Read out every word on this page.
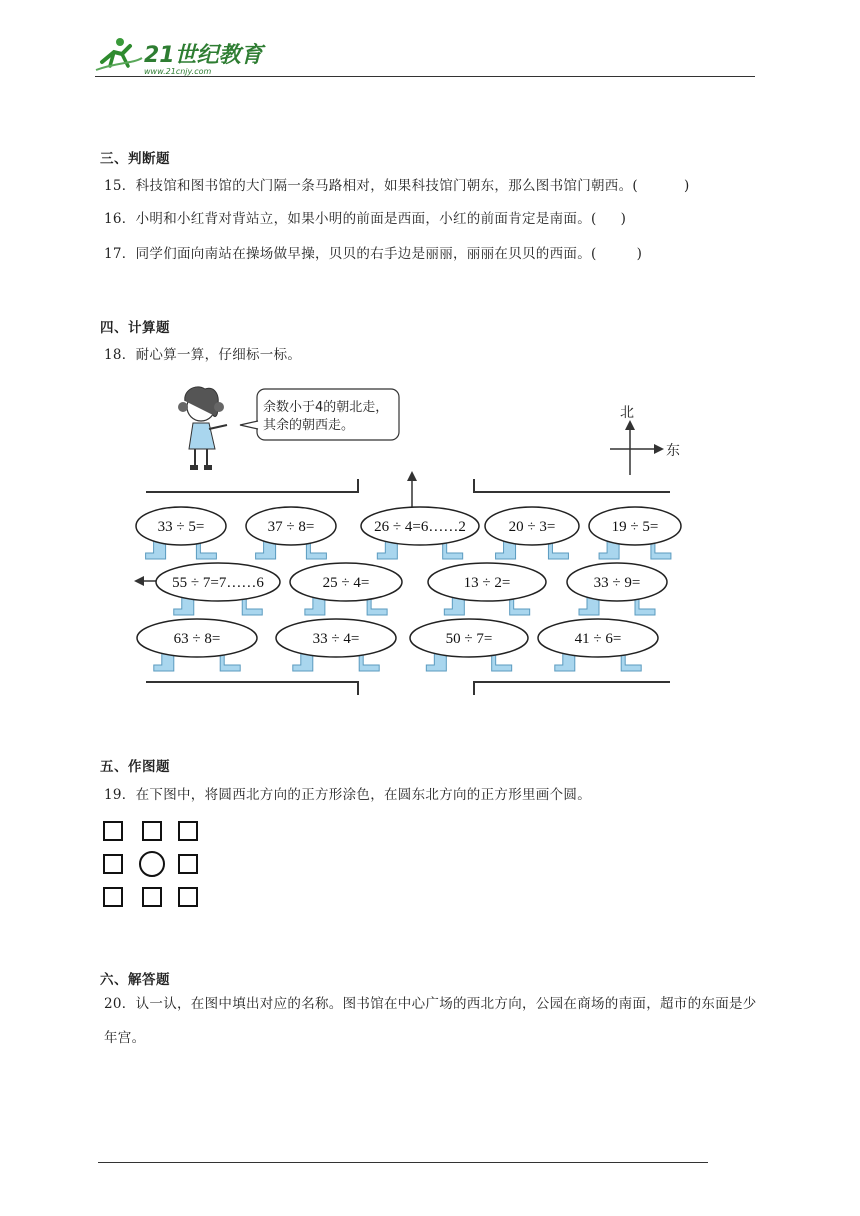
21世纪教育
www.21cnjy.com
三、判断题
15．科技馆和图书馆的大门隔一条马路相对，如果科技馆门朝东，那么图书馆门朝西。(	)
16．小明和小红背对背站立，如果小明的前面是西面，小红的前面肯定是南面。( )
17．同学们面向南站在操场做早操，贝贝的右手边是丽丽，丽丽在贝贝的西面。(	)
四、计算题
18．耐心算一算，仔细标一标。
余数小于4的朝北走，
其余的朝西走。
北
东
33 ÷ 5=	37 ÷ 8=	26 ÷ 4=6……2	20 ÷ 3=	19 ÷ 5=
55 ÷ 7=7……6	25 ÷ 4=	13 ÷ 2=	33 ÷ 9=
63 ÷ 8=	33 ÷ 4=	50 ÷ 7=	41 ÷ 6=
五、作图题
19．在下图中，将圆西北方向的正方形涂色，在圆东北方向的正方形里画个圆。
六、解答题
20．认一认，在图中填出对应的名称。图书馆在中心广场的西北方向，公园在商场的南面，超市的东面是少年宫。
